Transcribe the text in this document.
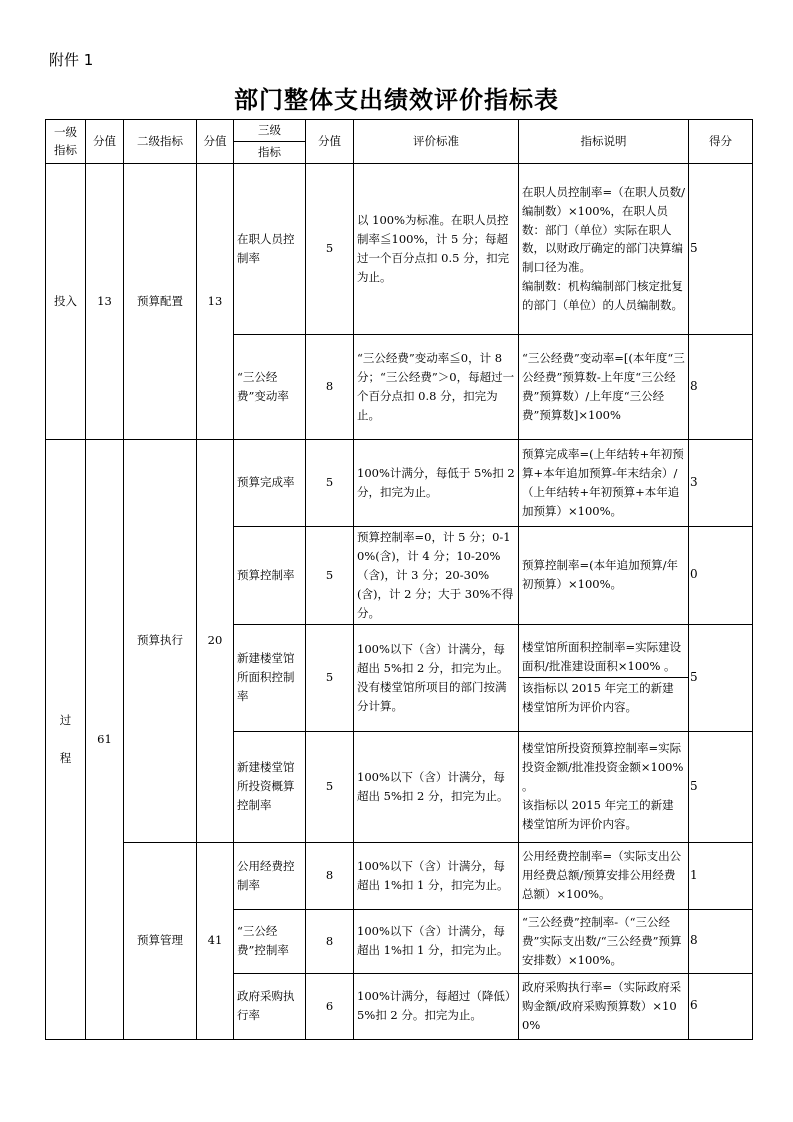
附件 1
部门整体支出绩效评价指标表
一级
指标	分值	二级指标	分值	三级	分值	评价标准	指标说明	得分
				指标				
投入	13	预算配置	13	在职人员控制率	5	以 100%为标准。在职人员控制率≦100%，计 5 分；每超过一个百分点扣 0.5 分，扣完为止。	在职人员控制率=（在职人员数/编制数）×100%，在职人员数：部门（单位）实际在职人数，以财政厅确定的部门决算编制口径为准。
编制数：机构编制部门核定批复的部门（单位）的人员编制数。	5
				“三公经费”变动率	8	“三公经费”变动率≦0，计 8 分；“三公经费”＞0，每超过一个百分点扣 0.8 分，扣完为止。	“三公经费”变动率=[(本年度“三公经费”预算数-上年度“三公经费”预算数）/上年度“三公经费”预算数]×100%	8
过

程	61	预算执行	20	预算完成率	5	100%计满分，每低于 5%扣 2 分，扣完为止。	预算完成率=(上年结转+年初预算+本年追加预算-年末结余）/（上年结转+年初预算+本年追加预算）×100%。	3
				预算控制率	5	预算控制率=0，计 5 分；0-10%(含)，计 4 分；10-20%（含)，计 3 分；20-30%(含)，计 2 分；大于 30%不得分。	预算控制率=(本年追加预算/年初预算）×100%。	0
				新建楼堂馆所面积控制率	5	100%以下（含）计满分，每超出 5%扣 2 分，扣完为止。没有楼堂馆所项目的部门按满分计算。	楼堂馆所面积控制率=实际建设面积/批准建设面积×100% 。
该指标以 2015 年完工的新建楼堂馆所为评价内容。	5
				新建楼堂馆所投资概算控制率	5	100%以下（含）计满分，每超出 5%扣 2 分，扣完为止。	楼堂馆所投资预算控制率=实际投资金额/批准投资金额×100% 。
该指标以 2015 年完工的新建楼堂馆所为评价内容。	5
		预算管理	41	公用经费控制率	8	100%以下（含）计满分，每超出 1%扣 1 分，扣完为止。	公用经费控制率=（实际支出公用经费总额/预算安排公用经费总额）×100%。	1
				“三公经费”控制率	8	100%以下（含）计满分，每超出 1%扣 1 分，扣完为止。	“三公经费”控制率-（“三公经费”实际支出数/“三公经费”预算安排数）×100%。	8
				政府采购执行率	6	100%计满分，每超过（降低）5%扣 2 分。扣完为止。	政府采购执行率=（实际政府采购金额/政府采购预算数）×100%	6
